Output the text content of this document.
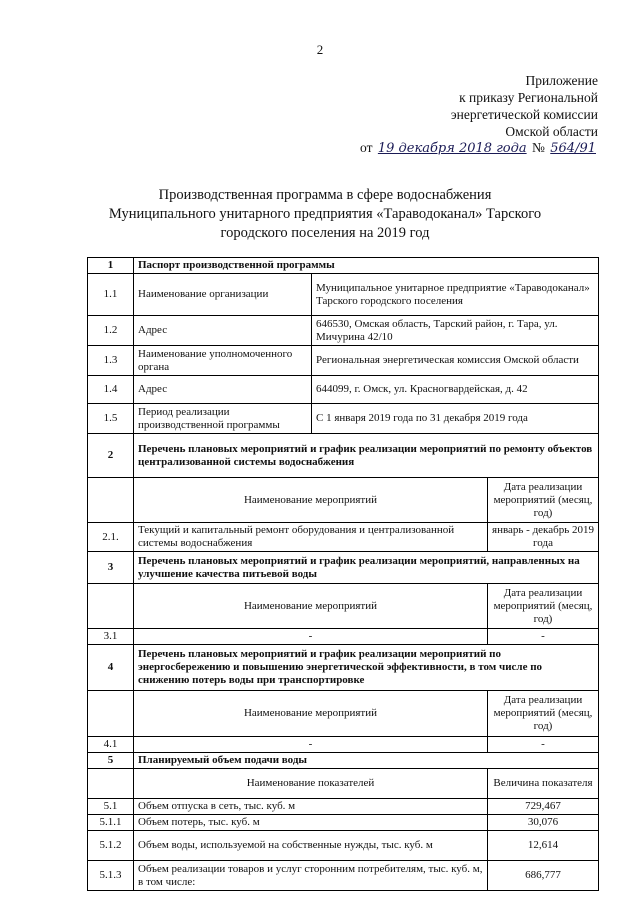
2
Приложение
к приказу Региональной
энергетической комиссии
Омской области
от 19 декабря 2018 года № 564/91
Производственная программа в сфере водоснабжения
Муниципального унитарного предприятия «Тараводоканал» Тарского
городского поселения на 2019 год
1	Паспорт производственной программы		
1.1	Наименование организации	Муниципальное унитарное предприятие «Тараводоканал» Тарского городского поселения	
1.2	Адрес	646530, Омская область, Тарский район, г. Тара, ул. Мичурина 42/10	
1.3	Наименование уполномоченного органа	Региональная энергетическая комиссия Омской области	
1.4	Адрес	644099, г. Омск, ул. Красногвардейская, д. 42	
1.5	Период реализации производственной программы	С 1 января 2019 года по 31 декабря 2019 года	
2	Перечень плановых мероприятий и график реализации мероприятий по ремонту объектов централизованной системы водоснабжения		
	Наименование мероприятий		Дата реализации мероприятий (месяц, год)
2.1.	Текущий и капитальный ремонт оборудования и централизованной системы водоснабжения		январь - декабрь 2019 года
3	Перечень плановых мероприятий и график реализации мероприятий, направленных на улучшение качества питьевой воды		
	Наименование мероприятий		Дата реализации мероприятий (месяц, год)
3.1	-		-
4	Перечень плановых мероприятий и график реализации мероприятий по энергосбережению и повышению энергетической эффективности, в том числе по снижению потерь воды при транспортировке		
	Наименование мероприятий		Дата реализации мероприятий (месяц, год)
4.1	-		-
5	Планируемый объем подачи воды		
	Наименование показателей		Величина показателя
5.1	Объем отпуска в сеть, тыс. куб. м		729,467
5.1.1	Объем потерь, тыс. куб. м		30,076
5.1.2	Объем воды, используемой на собственные нужды, тыс. куб. м		12,614
5.1.3	Объем реализации товаров и услуг сторонним потребителям, тыс. куб. м, в том числе:		686,777
